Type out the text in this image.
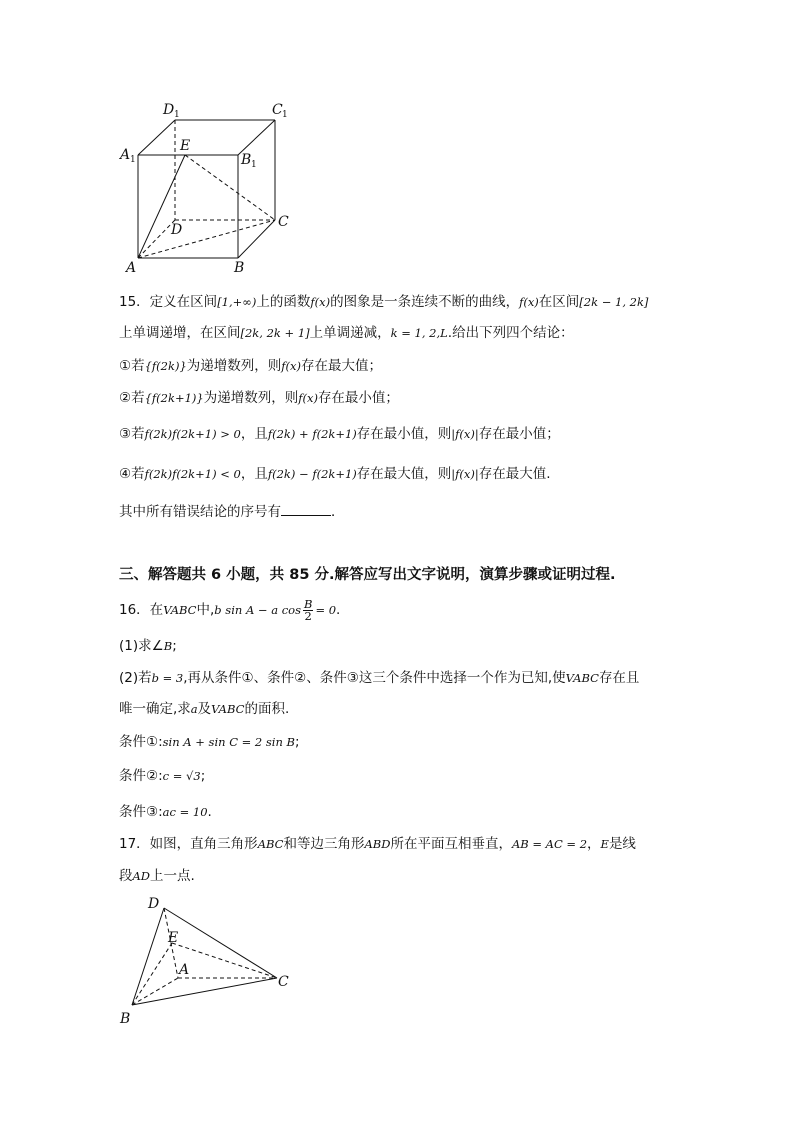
D 1	C 1
A 1
E
B 1
C
D
A	B
15．定义在区间[1,+∞)上的函数f(x)的图象是一条连续不断的曲线，f(x)在区间[2k − 1, 2k]
上单调递增，在区间[2k, 2k + 1]上单调递减，k = 1, 2,L.给出下列四个结论：
①若{f(2k)}为递增数列，则f(x)存在最大值；
②若{f(2k+1)}为递增数列，则f(x)存在最小值；
③若f(2k)f(2k+1) > 0，且f(2k) + f(2k+1)存在最小值，则|f(x)|存在最小值；
④若f(2k)f(2k+1) < 0，且f(2k) − f(2k+1)存在最大值，则|f(x)|存在最大值.
其中所有错误结论的序号有	．
三、解答题共 6 小题，共 85 分.解答应写出文字说明，演算步骤或证明过程.
16．在VABC中,b sin A − a $\cos \frac{B}{2} = 0$.
(1)求∠B;
(2)若b = 3,再从条件①、条件②、条件③这三个条件中选择一个作为已知,使VABC存在且
唯一确定,求a及VABC的面积.
条件①:sin A + sin C = 2 sin B;
条件②:c = √3;
条件③:ac = 10.
17．如图，直角三角形ABC和等边三角形ABD所在平面互相垂直，AB = AC = 2，E是线
段AD上一点.
D
E
A
C
B
